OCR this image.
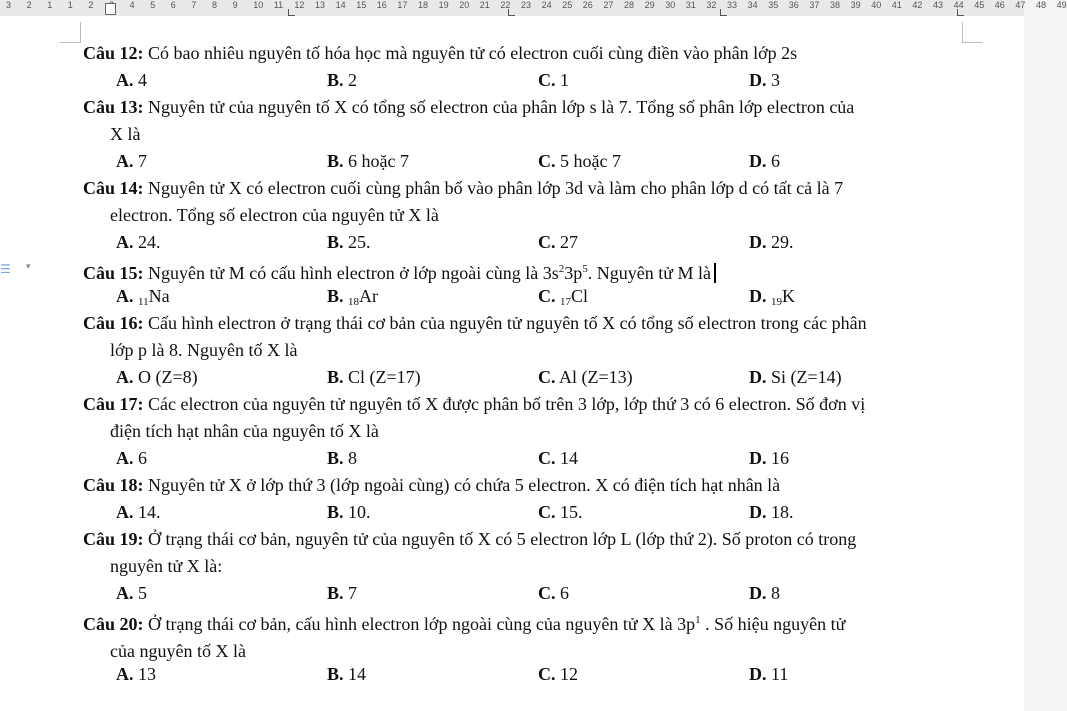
3 2 1 1 2	4 5 6 7 8 9 10 11 12 13 14 15 16 17 18 19 20 21 22 23 24 25 26 27 28 29 30 31 32 33 34 35 36 37 38 39 40 41 42 43 44 45 46 47 48 49
☰	▾
Câu 12: Có bao nhiêu nguyên tố hóa học mà nguyên tử có electron cuối cùng điền vào phân lớp 2s
A. 4	B. 2	C. 1	D. 3
Câu 13: Nguyên tử của nguyên tố X có tổng số electron của phân lớp s là 7. Tổng số phân lớp electron của
X là
A. 7	B. 6 hoặc 7	C. 5 hoặc 7	D. 6
Câu 14: Nguyên tử X có electron cuối cùng phân bố vào phân lớp 3d và làm cho phân lớp d có tất cả là 7
electron. Tổng số electron của nguyên tử X là
A. 24.	B. 25.	C. 27	D. 29.
Câu 15: Nguyên tử M có cấu hình electron ở lớp ngoài cùng là $3s^23p^5$. Nguyên tử M là
A. $_{11}$Na	B. $_{18}$Ar	C. $_{17}$Cl	D. $_{19}$K
Câu 16: Cấu hình electron ở trạng thái cơ bản của nguyên tử nguyên tố X có tổng số electron trong các phân
lớp p là 8. Nguyên tố X là
A. O (Z=8)	B. Cl (Z=17)	C. Al (Z=13)	D. Si (Z=14)
Câu 17: Các electron của nguyên tử nguyên tố X được phân bố trên 3 lớp, lớp thứ 3 có 6 electron. Số đơn vị
điện tích hạt nhân của nguyên tố X là
A. 6	B. 8	C. 14	D. 16
Câu 18: Nguyên tử X ở lớp thứ 3 (lớp ngoài cùng) có chứa 5 electron. X có điện tích hạt nhân là
A. 14.	B. 10.	C. 15.	D. 18.
Câu 19: Ở trạng thái cơ bản, nguyên tử của nguyên tố X có 5 electron lớp L (lớp thứ 2). Số proton có trong
nguyên tử X là:
A. 5	B. 7	C. 6	D. 8
Câu 20: Ở trạng thái cơ bản, cấu hình electron lớp ngoài cùng của nguyên tử X là $3p^1$ . Số hiệu nguyên tử
của nguyên tố X là
A. 13	B. 14	C. 12	D. 11
